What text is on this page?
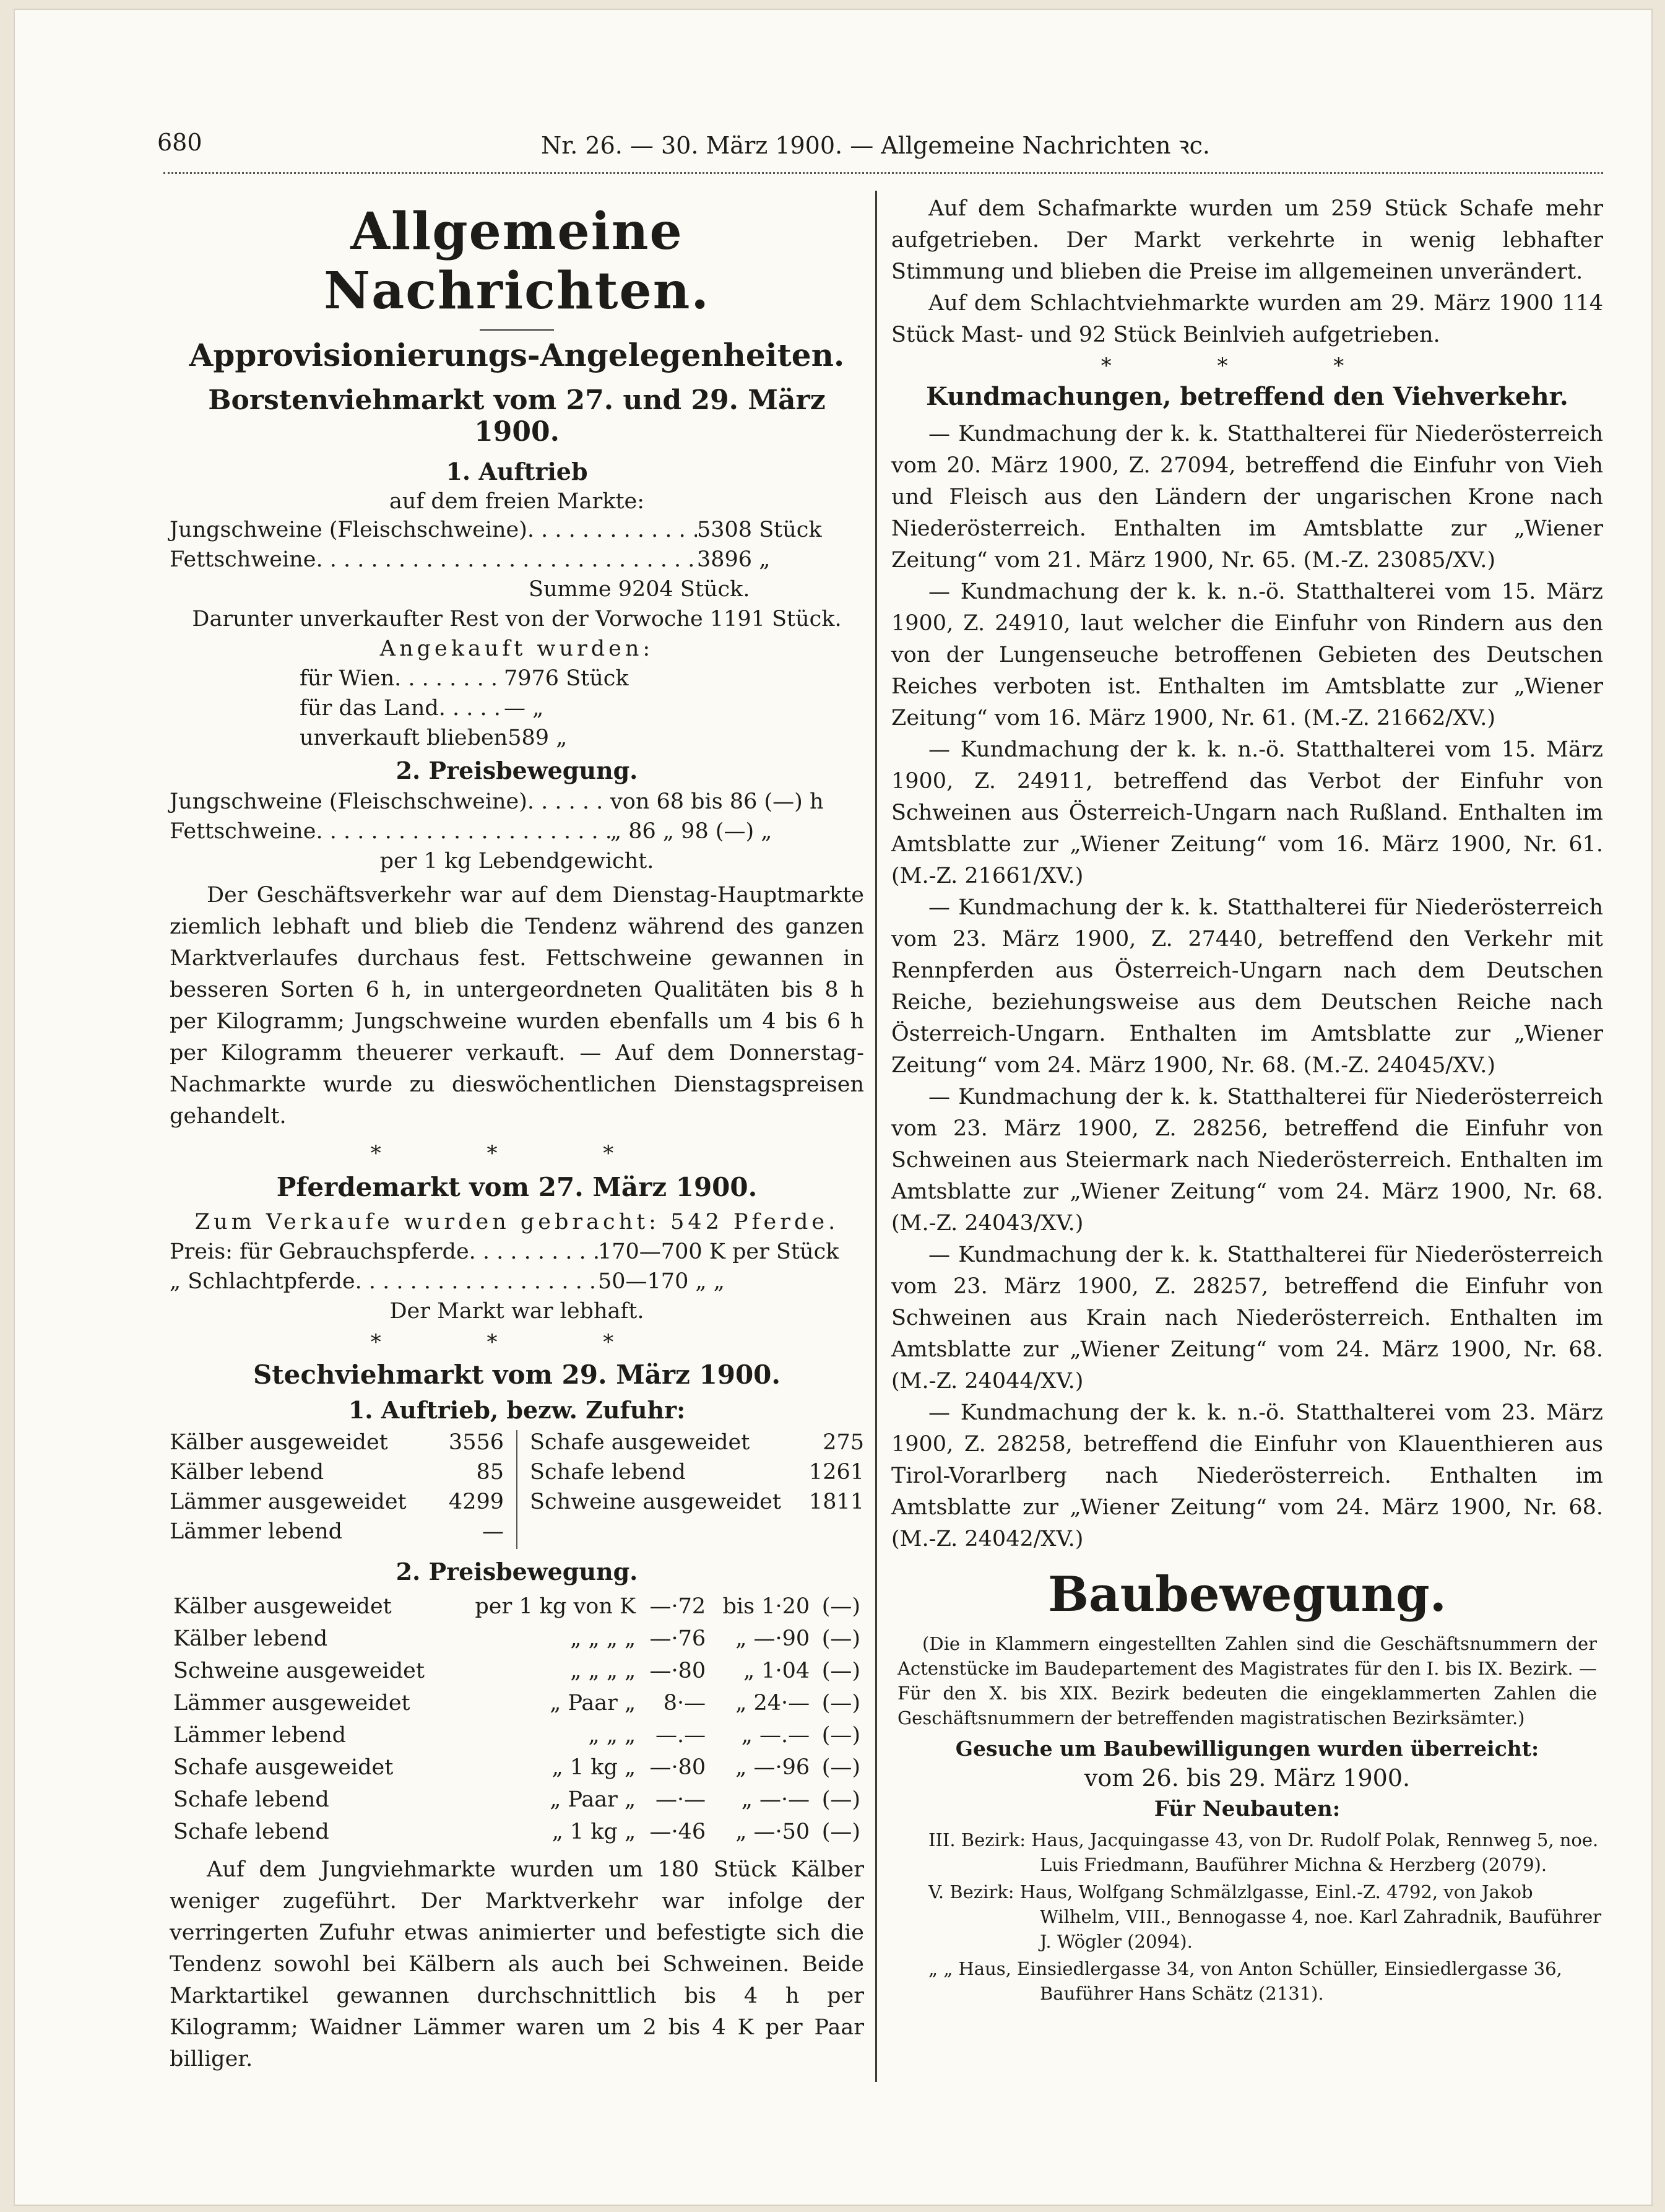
680	Nr. 26. — 30. März 1900. — Allgemeine Nachrichten ꝛc.
Allgemeine Nachrichten.
Approvisionierungs-Angelegenheiten.
Borstenviehmarkt vom 27. und 29. März 1900.
1. Auftrieb
auf dem freien Markte:
Jungschweine (Fleischschweine) . . .	5308 Stück
Fettschweine . . .	3896 „
Summe 9204 Stück.
Darunter unverkaufter Rest von der Vorwoche 1191 Stück.
Angekauft wurden:
für Wien . . .	7976 Stück
für das Land . . .	— „
unverkauft blieben 589 „
2. Preisbewegung.
Jungschweine (Fleischschweine) . . .	von 68 bis 86 (—) h
Fettschweine . . .	„ 86 „ 98 (—) „
per 1 kg Lebendgewicht.
Der Geschäftsverkehr war auf dem Dienstag-Hauptmarkte ziemlich lebhaft und blieb die Tendenz während des ganzen Marktverlaufes durchaus fest. Fettschweine gewannen in besseren Sorten 6 h, in untergeordneten Qualitäten bis 8 h per Kilogramm; Jungschweine wurden ebenfalls um 4 bis 6 h per Kilogramm theuerer verkauft. — Auf dem Donnerstag-Nachmarkte wurde zu dieswöchentlichen Dienstagspreisen gehandelt.
* * *
Pferdemarkt vom 27. März 1900.
Zum Verkaufe wurden gebracht: 542 Pferde.
Preis: für Gebrauchspferde . . .	170—700 K per Stück
„ Schlachtpferde . . .	50—170 „ „
Der Markt war lebhaft.
* * *
Stechviehmarkt vom 29. März 1900.
1. Auftrieb, bezw. Zufuhr:
Kälber ausgeweidet	3556
Kälber lebend	85
Lämmer ausgeweidet	4299
Lämmer lebend	—
Schafe ausgeweidet	275
Schafe lebend	1261
Schweine ausgeweidet	1811
2. Preisbewegung.
Kälber ausgeweidet	per 1 kg von K	—·72	bis 1·20	(—)
Kälber lebend	„ „ „ „	—·76	„ —·90	(—)
Schweine ausgeweidet	„ „ „ „	—·80	„ 1·04	(—)
Lämmer ausgeweidet	„ Paar „	8·—	„ 24·—	(—)
Lämmer lebend	„ „ „	—.—	„ —.—	(—)
Schafe ausgeweidet	„ 1 kg „	—·80	„ —·96	(—)
Schafe lebend	„ Paar „	—·—	„ —·—	(—)
Schafe lebend	„ 1 kg „	—·46	„ —·50	(—)
Auf dem Jungviehmarkte wurden um 180 Stück Kälber weniger zugeführt. Der Marktverkehr war infolge der verringerten Zufuhr etwas animierter und befestigte sich die Tendenz sowohl bei Kälbern als auch bei Schweinen. Beide Marktartikel gewannen durchschnittlich bis 4 h per Kilogramm; Waidner Lämmer waren um 2 bis 4 K per Paar billiger.
Auf dem Schafmarkte wurden um 259 Stück Schafe mehr aufgetrieben. Der Markt verkehrte in wenig lebhafter Stimmung und blieben die Preise im allgemeinen unverändert.
Auf dem Schlachtviehmarkte wurden am 29. März 1900 114 Stück Mast- und 92 Stück Beinlvieh aufgetrieben.
* * *
Kundmachungen, betreffend den Viehverkehr.
— Kundmachung der k. k. Statthalterei für Niederösterreich vom 20. März 1900, Z. 27094, betreffend die Einfuhr von Vieh und Fleisch aus den Ländern der ungarischen Krone nach Niederösterreich. Enthalten im Amtsblatte zur „Wiener Zeitung“ vom 21. März 1900, Nr. 65. (M.-Z. 23085/XV.)
— Kundmachung der k. k. n.-ö. Statthalterei vom 15. März 1900, Z. 24910, laut welcher die Einfuhr von Rindern aus den von der Lungenseuche betroffenen Gebieten des Deutschen Reiches verboten ist. Enthalten im Amtsblatte zur „Wiener Zeitung“ vom 16. März 1900, Nr. 61. (M.-Z. 21662/XV.)
— Kundmachung der k. k. n.-ö. Statthalterei vom 15. März 1900, Z. 24911, betreffend das Verbot der Einfuhr von Schweinen aus Österreich-Ungarn nach Rußland. Enthalten im Amtsblatte zur „Wiener Zeitung“ vom 16. März 1900, Nr. 61. (M.-Z. 21661/XV.)
— Kundmachung der k. k. Statthalterei für Niederösterreich vom 23. März 1900, Z. 27440, betreffend den Verkehr mit Rennpferden aus Österreich-Ungarn nach dem Deutschen Reiche, beziehungsweise aus dem Deutschen Reiche nach Österreich-Ungarn. Enthalten im Amtsblatte zur „Wiener Zeitung“ vom 24. März 1900, Nr. 68. (M.-Z. 24045/XV.)
— Kundmachung der k. k. Statthalterei für Niederösterreich vom 23. März 1900, Z. 28256, betreffend die Einfuhr von Schweinen aus Steiermark nach Niederösterreich. Enthalten im Amtsblatte zur „Wiener Zeitung“ vom 24. März 1900, Nr. 68. (M.-Z. 24043/XV.)
— Kundmachung der k. k. Statthalterei für Niederösterreich vom 23. März 1900, Z. 28257, betreffend die Einfuhr von Schweinen aus Krain nach Niederösterreich. Enthalten im Amtsblatte zur „Wiener Zeitung“ vom 24. März 1900, Nr. 68. (M.-Z. 24044/XV.)
— Kundmachung der k. k. n.-ö. Statthalterei vom 23. März 1900, Z. 28258, betreffend die Einfuhr von Klauenthieren aus Tirol-Vorarlberg nach Niederösterreich. Enthalten im Amtsblatte zur „Wiener Zeitung“ vom 24. März 1900, Nr. 68. (M.-Z. 24042/XV.)
Baubewegung.
(Die in Klammern eingestellten Zahlen sind die Geschäftsnummern der Actenstücke im Baudepartement des Magistrates für den I. bis IX. Bezirk. — Für den X. bis XIX. Bezirk bedeuten die eingeklammerten Zahlen die Geschäftsnummern der betreffenden magistratischen Bezirksämter.)
Gesuche um Baubewilligungen wurden überreicht:
vom 26. bis 29. März 1900.
Für Neubauten:
III. Bezirk: Haus, Jacquingasse 43, von Dr. Rudolf Polak, Rennweg 5, noe. Luis Friedmann, Bauführer Michna & Herzberg (2079).
V. Bezirk: Haus, Wolfgang Schmälzlgasse, Einl.-Z. 4792, von Jakob Wilhelm, VIII., Bennogasse 4, noe. Karl Zahradnik, Bauführer J. Wögler (2094).
„ „ Haus, Einsiedlergasse 34, von Anton Schüller, Einsiedlergasse 36, Bauführer Hans Schätz (2131).
